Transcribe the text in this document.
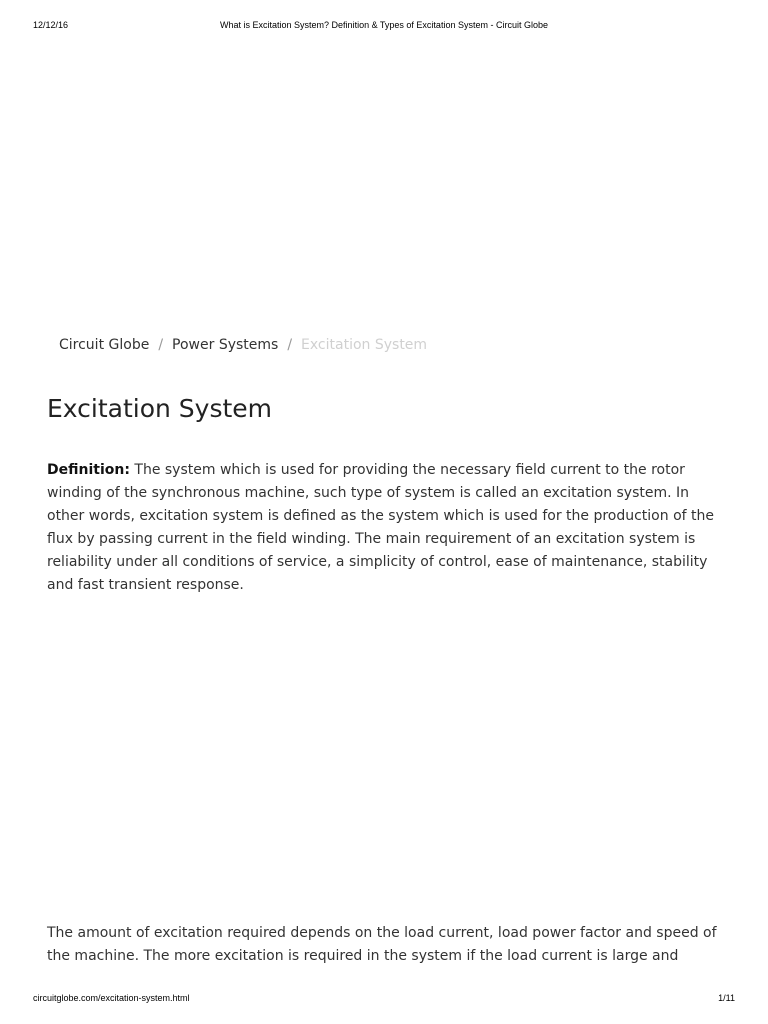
12/12/16	What is Excitation System? Definition & Types of Excitation System - Circuit Globe
Circuit Globe / Power Systems / Excitation System
Excitation System

Definition: The system which is used for providing the necessary field current to the rotor winding of the synchronous machine, such type of system is called an excitation system. In other words, excitation system is defined as the system which is used for the production of the flux by passing current in the field winding. The main requirement of an excitation system is reliability under all conditions of service, a simplicity of control, ease of maintenance, stability and fast transient response.

The amount of excitation required depends on the load current, load power factor and speed of the machine. The more excitation is required in the system if the load current is large and

circuitglobe.com/excitation-system.html	1/11
